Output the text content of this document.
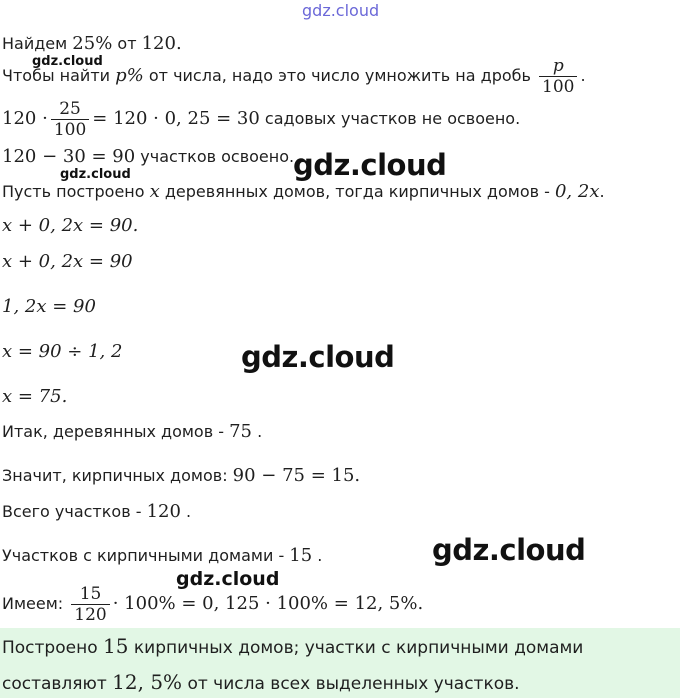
gdz.cloud
gdz.cloud
gdz.cloud
gdz.cloud
gdz.cloud
gdz.cloud
gdz.cloud
Найдем 25% от 120.
Чтобы найти p% от числа, надо это число умножить на дробь $\frac{p}{100}$ .
$120 \cdot \frac{25}{100} = 120 \cdot 0$, 25 = 30 садовых участков не освоено.
120 − 30 = 90 участков освоено.
Пусть построено x деревянных домов, тогда кирпичных домов - 0, 2x.
x + 0, 2x = 90.
x + 0, 2x = 90
1, 2x = 90
x = 90 ÷ 1, 2
x = 75.
Итак, деревянных домов - 75 .
Значит, кирпичных домов: 90 − 75 = 15.
Всего участков - 120 .
Участков с кирпичными домами - 15 .
Имеем: $\frac{15}{120} \cdot 100\% = 0$, 125 · 100% = 12, 5%.
Построено 15 кирпичных домов; участки с кирпичными домами
составляют 12, 5% от числа всех выделенных участков.
